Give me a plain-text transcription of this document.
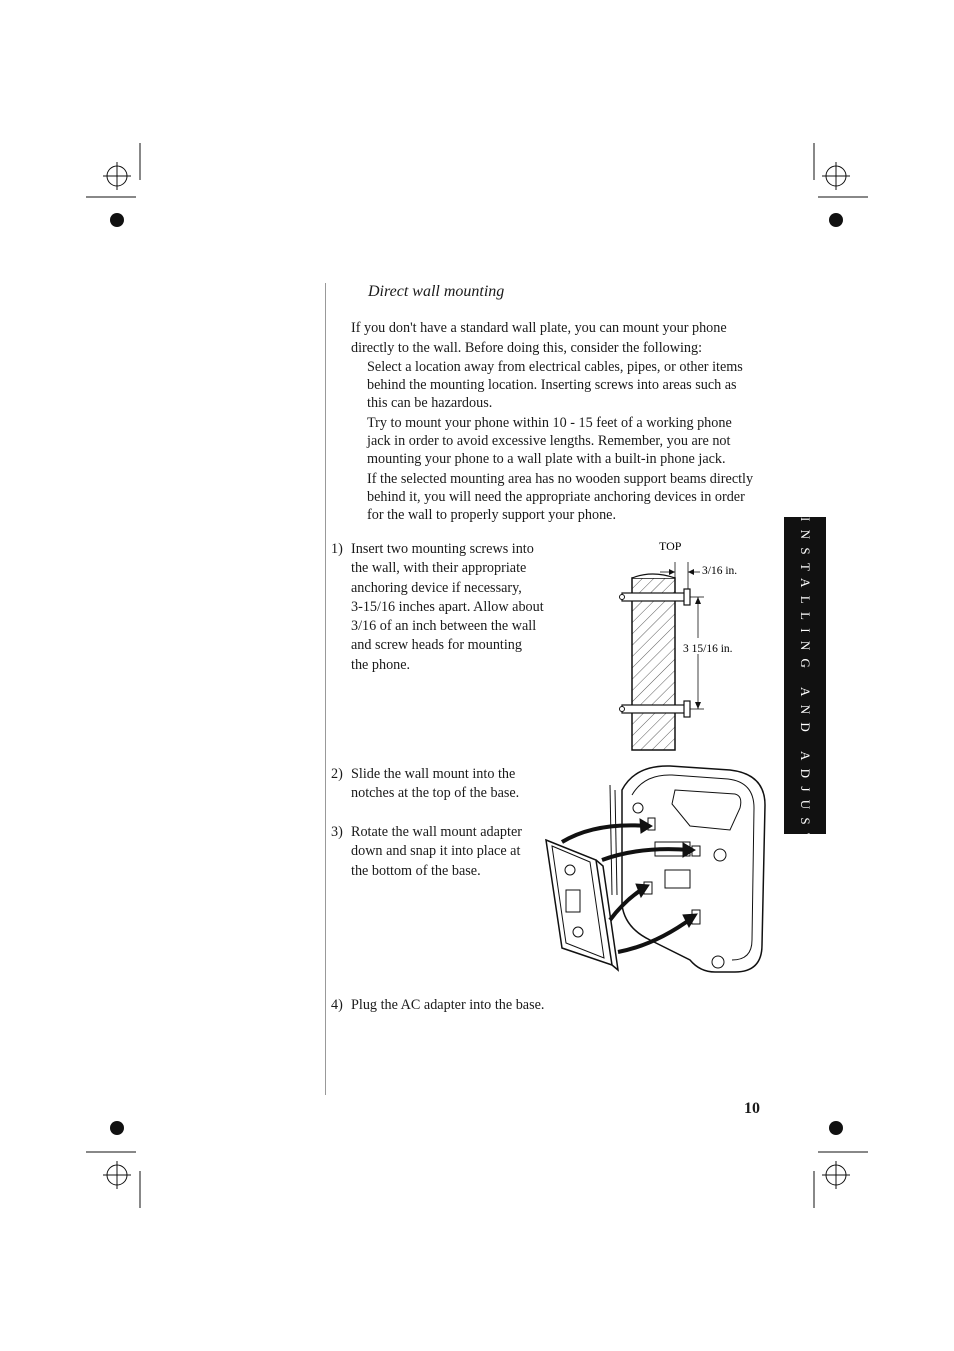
Direct wall mounting
If you don't have a standard wall plate, you can mount your phone
directly to the wall. Before doing this, consider the following:
Select a location away from electrical cables, pipes, or other items
behind the mounting location. Inserting screws into areas such as
this can be hazardous.
Try to mount your phone within 10 - 15 feet of a working phone
jack in order to avoid excessive lengths. Remember, you are not
mounting your phone to a wall plate with a built-in phone jack.
If the selected mounting area has no wooden support beams directly
behind it, you will need the appropriate anchoring devices in order
for the wall to properly support your phone.
1) Insert two mounting screws into
the wall, with their appropriate
anchoring device if necessary,
3-15/16 inches apart. Allow about
3/16 of an inch between the wall
and screw heads for mounting
the phone.
2) Slide the wall mount into the
notches at the top of the base.
3) Rotate the wall mount adapter
down and snap it into place at
the bottom of the base.
4) Plug the AC adapter into the base.
TOP
3/16 in.
3 15/16 in.	INSTALLING AND ADJUSTING
10
